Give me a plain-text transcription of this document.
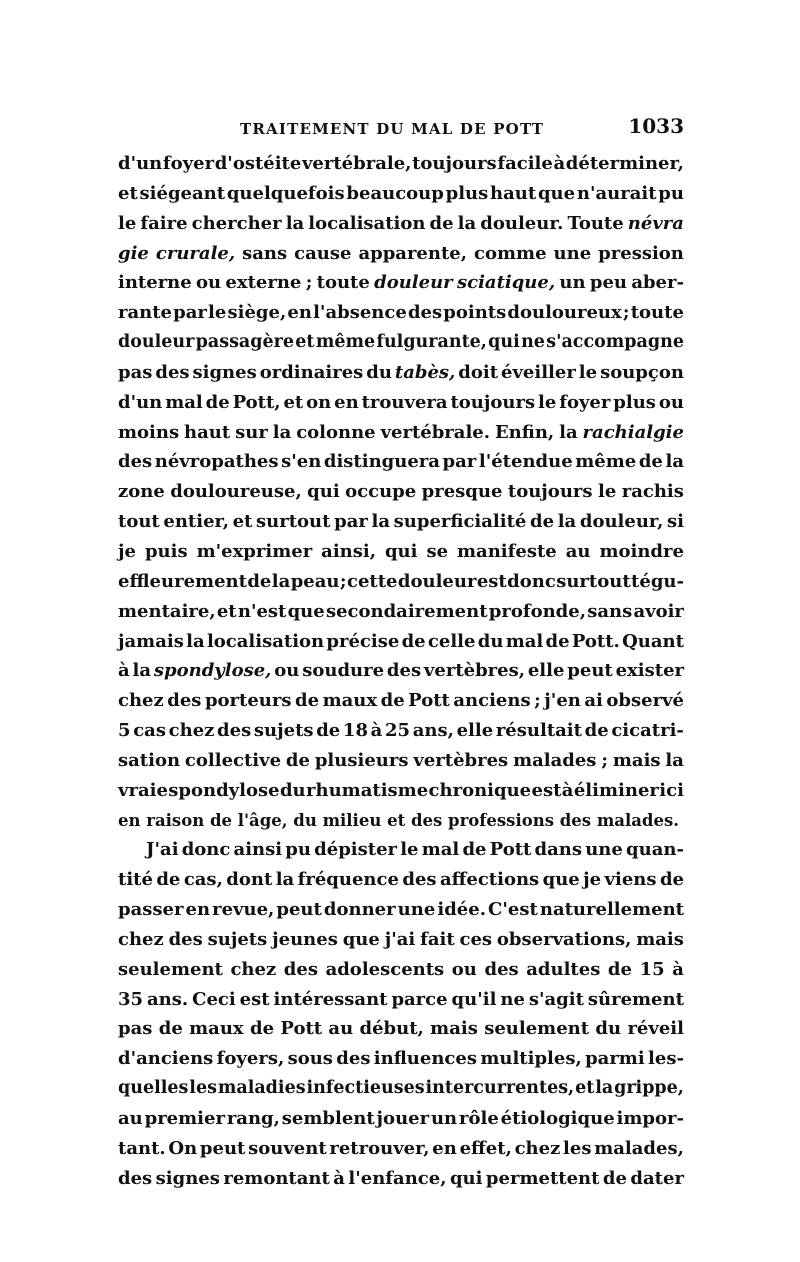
TRAITEMENT DU MAL DE POTT	1033
d'un foyer d'ostéite vertébrale, toujours facile à déterminer,
et siégeant quelquefois beaucoup plus haut que n'aurait pu
le faire chercher la localisation de la douleur. Toute névra
gie crurale, sans cause apparente, comme une pression
interne ou externe ; toute douleur sciatique, un peu aber-
rante par le siège, en l'absence des points douloureux ; toute
douleur passagère et même fulgurante, qui ne s'accompagne
pas des signes ordinaires du tabès, doit éveiller le soupçon
d'un mal de Pott, et on en trouvera toujours le foyer plus ou
moins haut sur la colonne vertébrale. Enfin, la rachialgie
des névropathes s'en distinguera par l'étendue même de la
zone douloureuse, qui occupe presque toujours le rachis
tout entier, et surtout par la superficialité de la douleur, si
je puis m'exprimer ainsi, qui se manifeste au moindre
effleurement de la peau ; cette douleur est donc surtout tégu-
mentaire, et n'est que secondairement profonde, sans avoir
jamais la localisation précise de celle du mal de Pott. Quant
à la spondylose, ou soudure des vertèbres, elle peut exister
chez des porteurs de maux de Pott anciens ; j'en ai observé
5 cas chez des sujets de 18 à 25 ans, elle résultait de cicatri-
sation collective de plusieurs vertèbres malades ; mais la
vraie spondylose du rhumatisme chronique est à éliminer ici
en raison de l'âge, du milieu et des professions des malades.
J'ai donc ainsi pu dépister le mal de Pott dans une quan-
tité de cas, dont la fréquence des affections que je viens de
passer en revue, peut donner une idée. C'est naturellement
chez des sujets jeunes que j'ai fait ces observations, mais
seulement chez des adolescents ou des adultes de 15 à
35 ans. Ceci est intéressant parce qu'il ne s'agit sûrement
pas de maux de Pott au début, mais seulement du réveil
d'anciens foyers, sous des influences multiples, parmi les-
quelles les maladies infectieuses intercurrentes, et la grippe,
au premier rang, semblent jouer un rôle étiologique impor-
tant. On peut souvent retrouver, en effet, chez les malades,
des signes remontant à l'enfance, qui permettent de dater
